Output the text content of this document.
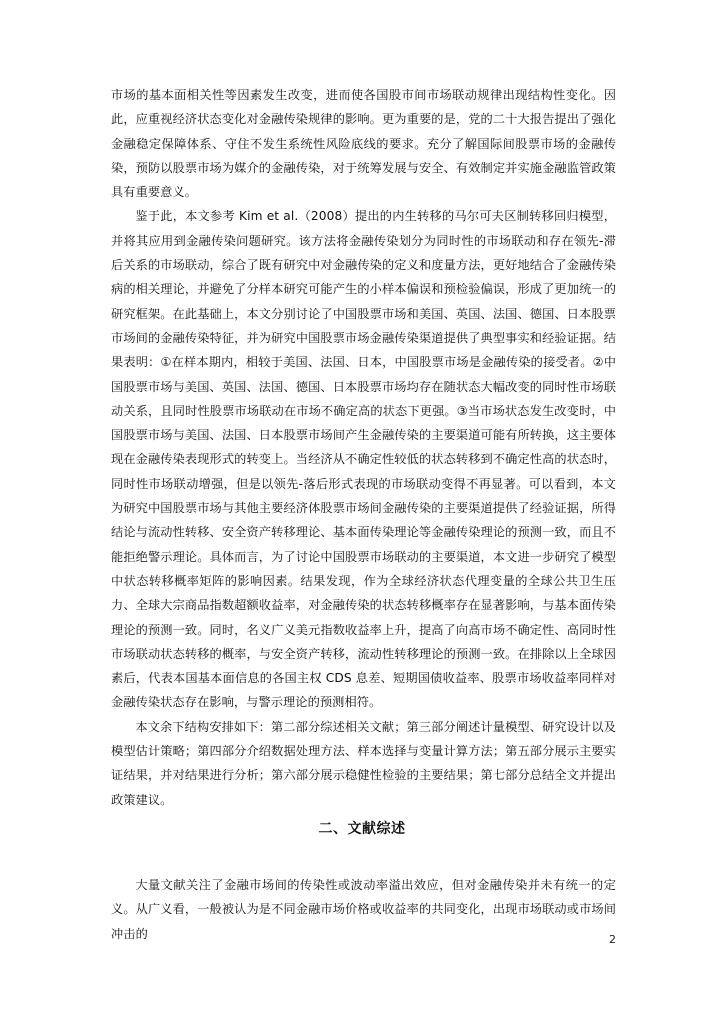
市场的基本面相关性等因素发生改变，进而使各国股市间市场联动规律出现结构性变化。因此，应重视经济状态变化对金融传染规律的影响。更为重要的是，党的二十大报告提出了强化金融稳定保障体系、守住不发生系统性风险底线的要求。充分了解国际间股票市场的金融传染，预防以股票市场为媒介的金融传染，对于统筹发展与安全、有效制定并实施金融监管政策具有重要意义。

鉴于此，本文参考 Kim et al.（2008）提出的内生转移的马尔可夫区制转移回归模型，并将其应用到金融传染问题研究。该方法将金融传染划分为同时性的市场联动和存在领先-滞后关系的市场联动，综合了既有研究中对金融传染的定义和度量方法，更好地结合了金融传染病的相关理论，并避免了分样本研究可能产生的小样本偏误和预检验偏误，形成了更加统一的研究框架。在此基础上，本文分别讨论了中国股票市场和美国、英国、法国、德国、日本股票市场间的金融传染特征，并为研究中国股票市场金融传染渠道提供了典型事实和经验证据。结果表明：①在样本期内，相较于美国、法国、日本，中国股票市场是金融传染的接受者。②中国股票市场与美国、英国、法国、德国、日本股票市场均存在随状态大幅改变的同时性市场联动关系，且同时性股票市场联动在市场不确定高的状态下更强。③当市场状态发生改变时，中国股票市场与美国、法国、日本股票市场间产生金融传染的主要渠道可能有所转换，这主要体现在金融传染表现形式的转变上。当经济从不确定性较低的状态转移到不确定性高的状态时，同时性市场联动增强，但是以领先-落后形式表现的市场联动变得不再显著。可以看到，本文为研究中国股票市场与其他主要经济体股票市场间金融传染的主要渠道提供了经验证据，所得结论与流动性转移、安全资产转移理论、基本面传染理论等金融传染理论的预测一致，而且不能拒绝警示理论。具体而言，为了讨论中国股票市场联动的主要渠道，本文进一步研究了模型中状态转移概率矩阵的影响因素。结果发现，作为全球经济状态代理变量的全球公共卫生压力、全球大宗商品指数超额收益率，对金融传染的状态转移概率存在显著影响，与基本面传染理论的预测一致。同时，名义广义美元指数收益率上升，提高了向高市场不确定性、高同时性市场联动状态转移的概率，与安全资产转移，流动性转移理论的预测一致。在排除以上全球因素后，代表本国基本面信息的各国主权 CDS 息差、短期国债收益率、股票市场收益率同样对金融传染状态存在影响，与警示理论的预测相符。

本文余下结构安排如下：第二部分综述相关文献；第三部分阐述计量模型、研究设计以及模型估计策略；第四部分介绍数据处理方法、样本选择与变量计算方法；第五部分展示主要实证结果，并对结果进行分析；第六部分展示稳健性检验的主要结果；第七部分总结全文并提出政策建议。

二、文献综述

大量文献关注了金融市场间的传染性或波动率溢出效应，但对金融传染并未有统一的定义。从广义看，一般被认为是不同金融市场价格或收益率的共同变化，出现市场联动或市场间冲击的	2
